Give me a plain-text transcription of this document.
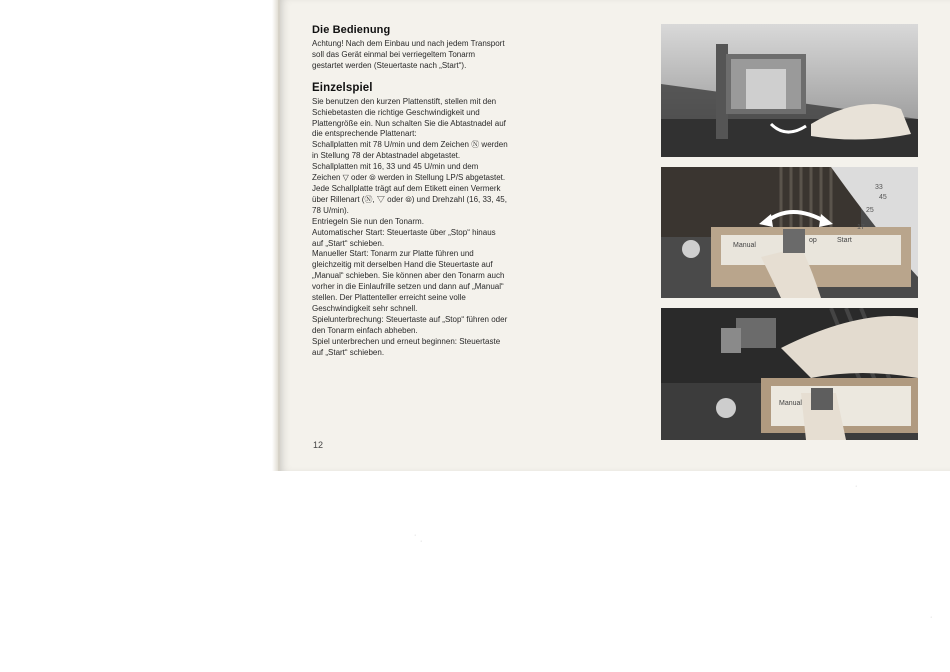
Die Bedienung

Achtung! Nach dem Einbau und nach jedem Transport soll das Gerät einmal bei verriegeltem Tonarm gestartet werden (Steuertaste nach „Start“).

Einzelspiel

Sie benutzen den kurzen Plattenstift, stellen mit den Schiebetasten die richtige Geschwindigkeit und Plattengröße ein. Nun schalten Sie die Abtastnadel auf die entsprechende Plattenart:

Schallplatten mit 78 U/min und dem Zeichen Ⓝ werden in Stellung 78 der Abtastnadel abgetastet.

Schallplatten mit 16, 33 und 45 U/min und dem Zeichen ▽ oder ⦾ werden in Stellung LP/S abgetastet.

Jede Schallplatte trägt auf dem Etikett einen Vermerk über Rillenart (Ⓝ, ▽ oder ⦾) und Drehzahl (16, 33, 45, 78 U/min).

Entriegeln Sie nun den Tonarm.

Automatischer Start: Steuertaste über „Stop“ hinaus auf „Start“ schieben.

Manueller Start: Tonarm zur Platte führen und gleichzeitig mit derselben Hand die Steuertaste auf „Manual“ schieben. Sie können aber den Tonarm auch vorher in die Einlaufrille setzen und dann auf „Manual“ stellen. Der Plattenteller erreicht seine volle Geschwindigkeit sehr schnell.

Spielunterbrechung: Steuertaste auf „Stop“ führen oder den Tonarm einfach abheben.

Spiel unterbrechen und erneut beginnen: Steuertaste auf „Start“ schieben.

12
Manual
op	Start
33
45
25
17
Manual
·
·
·
·
